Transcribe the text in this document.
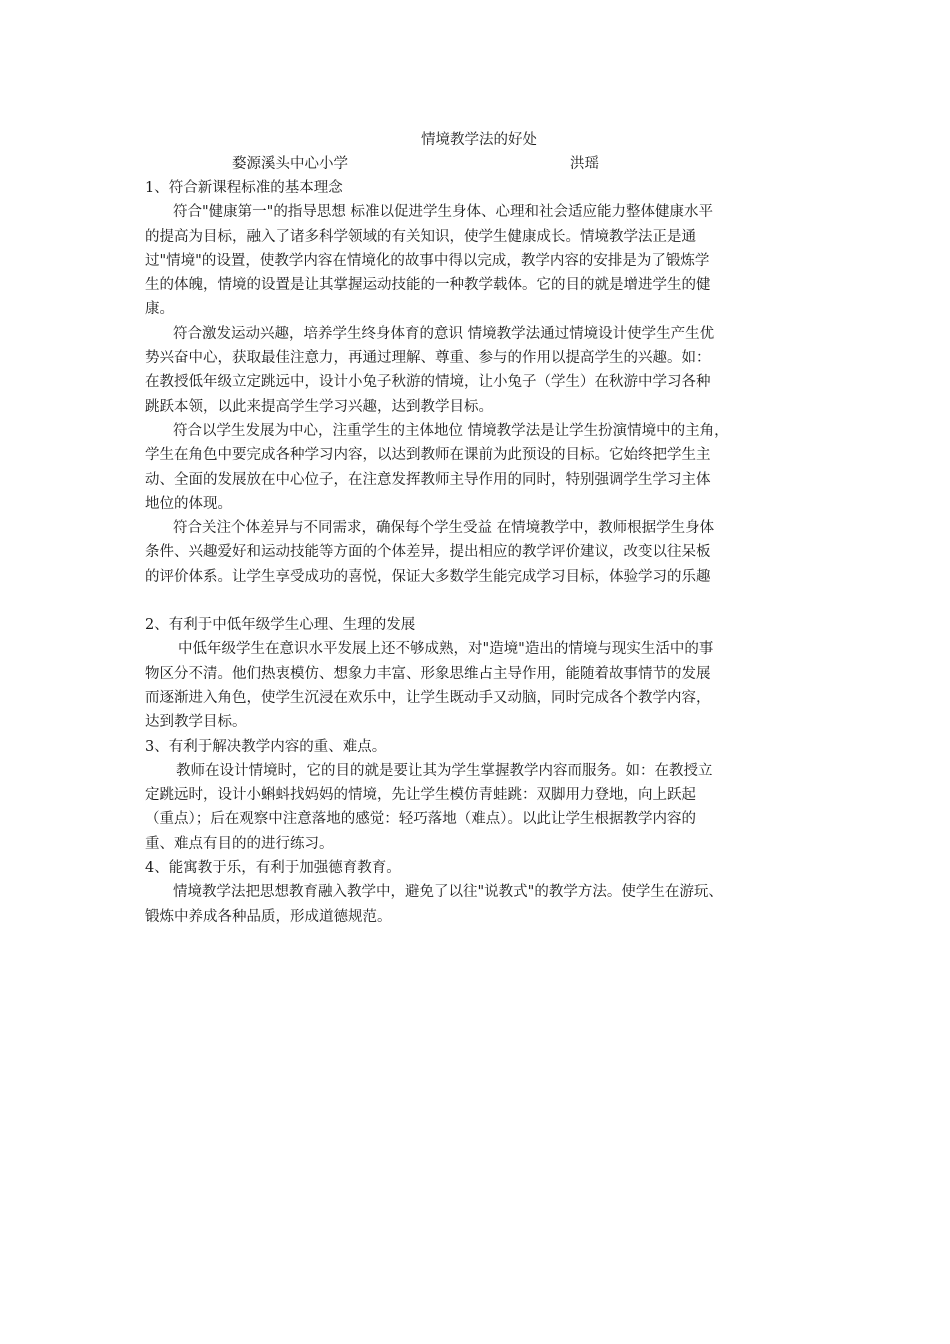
情境教学法的好处
婺源溪头中心小学	洪瑶

1、符合新课程标准的基本理念

符合"健康第一"的指导思想 标准以促进学生身体、心理和社会适应能力整体健康水平
的提高为目标，融入了诸多科学领域的有关知识，使学生健康成长。情境教学法正是通
过"情境"的设置，使教学内容在情境化的故事中得以完成，教学内容的安排是为了锻炼学
生的体魄，情境的设置是让其掌握运动技能的一种教学载体。它的目的就是增进学生的健
康。

符合激发运动兴趣，培养学生终身体育的意识 情境教学法通过情境设计使学生产生优
势兴奋中心，获取最佳注意力，再通过理解、尊重、参与的作用以提高学生的兴趣。如：
在教授低年级立定跳远中，设计小兔子秋游的情境，让小兔子（学生）在秋游中学习各种
跳跃本领，以此来提高学生学习兴趣，达到教学目标。

符合以学生发展为中心，注重学生的主体地位 情境教学法是让学生扮演情境中的主角，
学生在角色中要完成各种学习内容，以达到教师在课前为此预设的目标。它始终把学生主
动、全面的发展放在中心位子，在注意发挥教师主导作用的同时，特别强调学生学习主体
地位的体现。

符合关注个体差异与不同需求，确保每个学生受益 在情境教学中，教师根据学生身体
条件、兴趣爱好和运动技能等方面的个体差异，提出相应的教学评价建议，改变以往呆板
的评价体系。让学生享受成功的喜悦，保证大多数学生能完成学习目标，体验学习的乐趣

2、有利于中低年级学生心理、生理的发展

中低年级学生在意识水平发展上还不够成熟，对"造境"造出的情境与现实生活中的事
物区分不清。他们热衷模仿、想象力丰富、形象思维占主导作用，能随着故事情节的发展
而逐渐进入角色，使学生沉浸在欢乐中，让学生既动手又动脑，同时完成各个教学内容，
达到教学目标。

3、有利于解决教学内容的重、难点。

教师在设计情境时，它的目的就是要让其为学生掌握教学内容而服务。如：在教授立
定跳远时，设计小蝌蚪找妈妈的情境，先让学生模仿青蛙跳：双脚用力登地，向上跃起
（重点）；后在观察中注意落地的感觉：轻巧落地（难点）。以此让学生根据教学内容的
重、难点有目的的进行练习。

4、能寓教于乐，有利于加强德育教育。

情境教学法把思想教育融入教学中，避免了以往"说教式"的教学方法。使学生在游玩、
锻炼中养成各种品质，形成道德规范。
